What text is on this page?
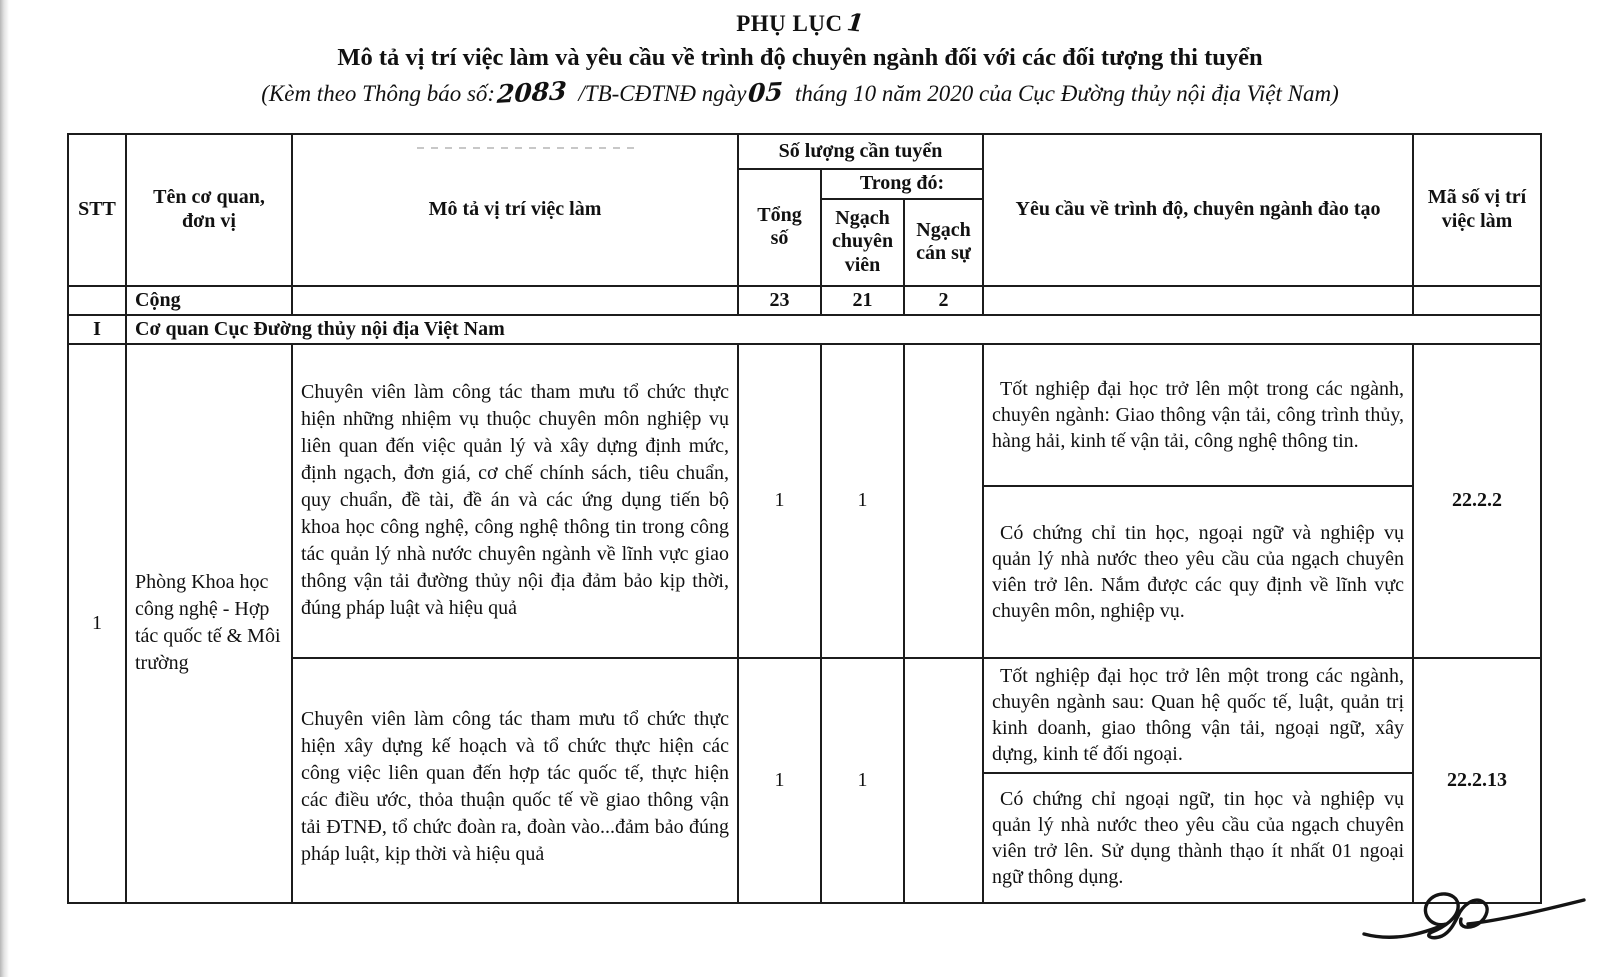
PHỤ LỤC 1
Mô tả vị trí việc làm và yêu cầu về trình độ chuyên ngành đối với các đối tượng thi tuyển
(Kèm theo Thông báo số:2083 /TB-CĐTNĐ ngày05 tháng 10 năm 2020 của Cục Đường thủy nội địa Việt Nam)
STT	Tên cơ quan, đơn vị	Mô tả vị trí việc làm	Số lượng cần tuyển			Yêu cầu về trình độ, chuyên ngành đào tạo	Mã số vị trí việc làm
			Tổng số	Trong đó:			
				Ngạch chuyên viên	Ngạch cán sự		
	Cộng		23	21	2		
I	Cơ quan Cục Đường thủy nội địa Việt Nam						
1	Phòng Khoa học công nghệ - Hợp tác quốc tế & Môi trường	Chuyên viên làm công tác tham mưu tổ chức thực hiện những nhiệm vụ thuộc chuyên môn nghiệp vụ liên quan đến việc quản lý và xây dựng định mức, định ngạch, đơn giá, cơ chế chính sách, tiêu chuẩn, quy chuẩn, đề tài, đề án và các ứng dụng tiến bộ khoa học công nghệ, công nghệ thông tin trong công tác quản lý nhà nước chuyên ngành về lĩnh vực giao thông vận tải đường thủy nội địa đảm bảo kịp thời, đúng pháp luật và hiệu quả	1	1		Tốt nghiệp đại học trở lên một trong các ngành, chuyên ngành: Giao thông vận tải, công trình thủy, hàng hải, kinh tế vận tải, công nghệ thông tin.	22.2.2
						Có chứng chỉ tin học, ngoại ngữ và nghiệp vụ quản lý nhà nước theo yêu cầu của ngạch chuyên viên trở lên. Nắm được các quy định về lĩnh vực chuyên môn, nghiệp vụ.	
		Chuyên viên làm công tác tham mưu tổ chức thực hiện xây dựng kế hoạch và tổ chức thực hiện các công việc liên quan đến hợp tác quốc tế, thực hiện các điều ước, thỏa thuận quốc tế về giao thông vận tải ĐTNĐ, tổ chức đoàn ra, đoàn vào...đảm bảo đúng pháp luật, kịp thời và hiệu quả	1	1		Tốt nghiệp đại học trở lên một trong các ngành, chuyên ngành sau: Quan hệ quốc tế, luật, quản trị kinh doanh, giao thông vận tải, ngoại ngữ, xây dựng, kinh tế đối ngoại.	22.2.13
						Có chứng chỉ ngoại ngữ, tin học và nghiệp vụ quản lý nhà nước theo yêu cầu của ngạch chuyên viên trở lên. Sử dụng thành thạo ít nhất 01 ngoại ngữ thông dụng.	
